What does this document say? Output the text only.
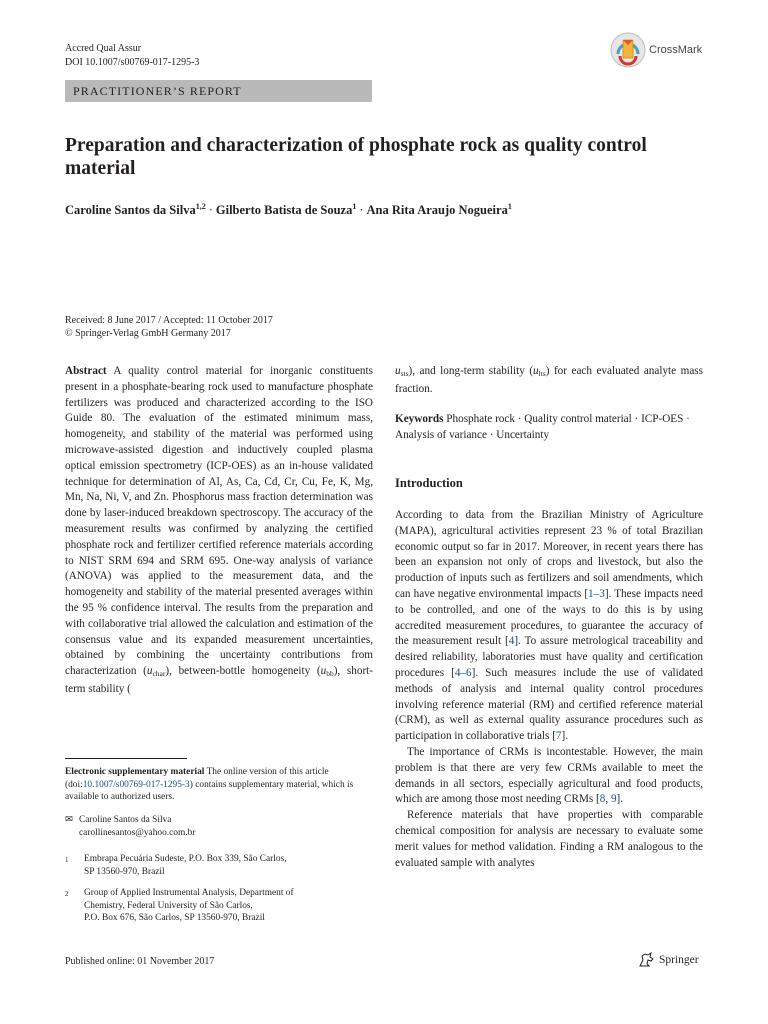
Accred Qual Assur
DOI 10.1007/s00769-017-1295-3
CrossMark
PRACTITIONER’S REPORT
Preparation and characterization of phosphate rock as quality control material
Caroline Santos da Silva$^{1,2}$ · Gilberto Batista de Souza$^1$ · Ana Rita Araujo Nogueira$^1$
Received: 8 June 2017 / Accepted: 11 October 2017
© Springer-Verlag GmbH Germany 2017

Abstract A quality control material for inorganic constituents present in a phosphate-bearing rock used to manufacture phosphate fertilizers was produced and characterized according to the ISO Guide 80. The evaluation of the estimated minimum mass, homogeneity, and stability of the material was performed using microwave-assisted digestion and inductively coupled plasma optical emission spectrometry (ICP-OES) as an in-house validated technique for determination of Al, As, Ca, Cd, Cr, Cu, Fe, K, Mg, Mn, Na, Ni, V, and Zn. Phosphorus mass fraction determination was done by laser-induced breakdown spectroscopy. The accuracy of the measurement results was confirmed by analyzing the certified phosphate rock and fertilizer certified reference materials according to NIST SRM 694 and SRM 695. One-way analysis of variance (ANOVA) was applied to the measurement data, and the homogeneity and stability of the material presented averages within the 95 % confidence interval. The results from the preparation and with collaborative trial allowed the calculation and estimation of the consensus value and its expanded measurement uncertainties, obtained by combining the uncertainty contributions from characterization $(u_{char})$, between-bottle homogeneity $(u_{bb})$, short-term stability (

$u_{sts}$), and long-term stability $(u_{lts})$ for each evaluated analyte mass fraction.

Keywords Phosphate rock · Quality control material · ICP-OES · Analysis of variance · Uncertainty

Introduction

According to data from the Brazilian Ministry of Agriculture (MAPA), agricultural activities represent 23 % of total Brazilian economic output so far in 2017. Moreover, in recent years there has been an expansion not only of crops and livestock, but also the production of inputs such as fertilizers and soil amendments, which can have negative environmental impacts [1–3]. These impacts need to be controlled, and one of the ways to do this is by using accredited measurement procedures, to guarantee the accuracy of the measurement result [4]. To assure metrological traceability and desired reliability, laboratories must have quality and certification procedures [4–6]. Such measures include the use of validated methods of analysis and internal quality control procedures involving reference material (RM) and certified reference material (CRM), as well as external quality assurance procedures such as participation in collaborative trials [7].

The importance of CRMs is incontestable. However, the main problem is that there are very few CRMs available to meet the demands in all sectors, especially agricultural and food products, which are among those most needing CRMs [8, 9].

Reference materials that have properties with comparable chemical composition for analysis are necessary to evaluate some merit values for method validation. Finding a RM analogous to the evaluated sample with analytes

Electronic supplementary material The online version of this article (doi:10.1007/s00769-017-1295-3) contains supplementary material, which is available to authorized users.
✉ Caroline Santos da Silva
carollinesantos@yahoo.com.br
1	Embrapa Pecuária Sudeste, P.O. Box 339, São Carlos,
SP 13560-970, Brazil
2	Group of Applied Instrumental Analysis, Department of
Chemistry, Federal University of São Carlos,
P.O. Box 676, São Carlos, SP 13560-970, Brazil
Published online: 01 November 2017	Springer
